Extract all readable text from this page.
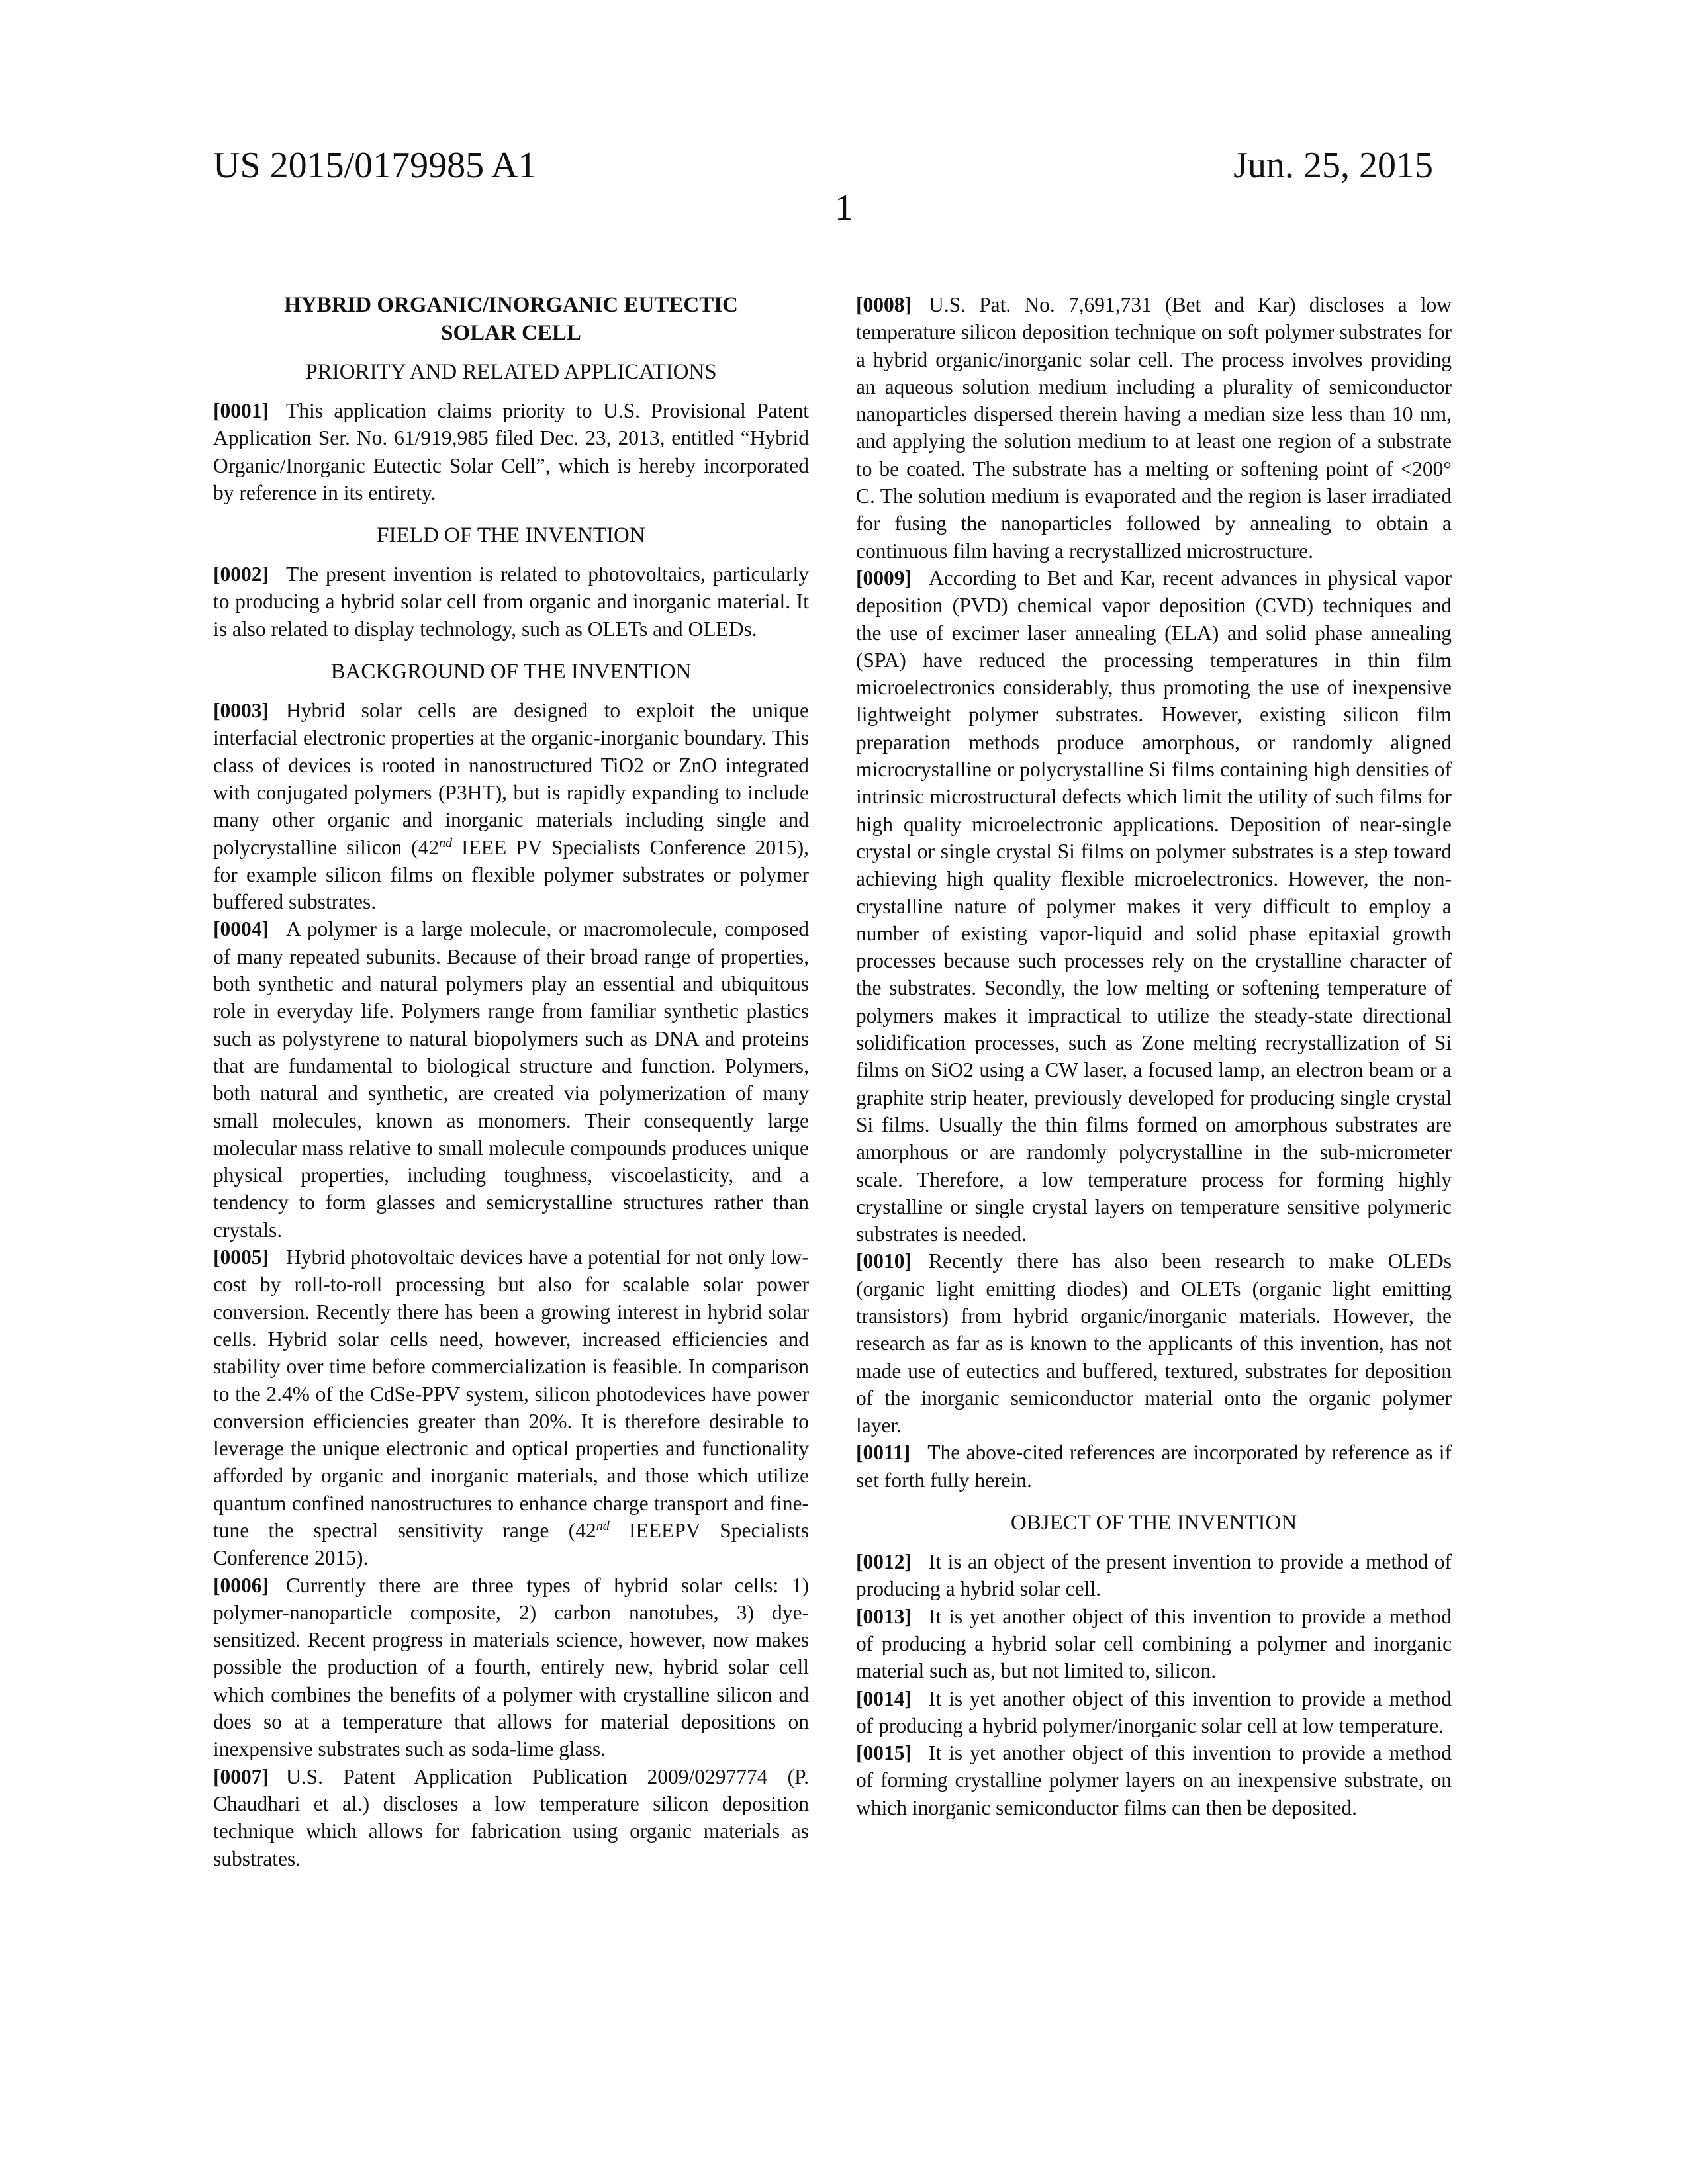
US 2015/0179985 A1	Jun. 25, 2015
1

HYBRID ORGANIC/INORGANIC EUTECTIC
SOLAR CELL

PRIORITY AND RELATED APPLICATIONS

[0001] This application claims priority to U.S. Provisional Patent Application Ser. No. 61/919,985 filed Dec. 23, 2013, entitled “Hybrid Organic/Inorganic Eutectic Solar Cell”, which is hereby incorporated by reference in its entirety.

FIELD OF THE INVENTION

[0002] The present invention is related to photovoltaics, particularly to producing a hybrid solar cell from organic and inorganic material. It is also related to display technology, such as OLETs and OLEDs.

BACKGROUND OF THE INVENTION

[0003] Hybrid solar cells are designed to exploit the unique interfacial electronic properties at the organic-inorganic boundary. This class of devices is rooted in nanostructured TiO2 or ZnO integrated with conjugated polymers (P3HT), but is rapidly expanding to include many other organic and inorganic materials including single and polycrystalline silicon (42nd IEEE PV Specialists Conference 2015), for example silicon films on flexible polymer substrates or polymer buffered substrates.

[0004] A polymer is a large molecule, or macromolecule, composed of many repeated subunits. Because of their broad range of properties, both synthetic and natural polymers play an essential and ubiquitous role in everyday life. Polymers range from familiar synthetic plastics such as polystyrene to natural biopolymers such as DNA and proteins that are fundamental to biological structure and function. Polymers, both natural and synthetic, are created via polymerization of many small molecules, known as monomers. Their consequently large molecular mass relative to small molecule compounds produces unique physical properties, including toughness, viscoelasticity, and a tendency to form glasses and semicrystalline structures rather than crystals.

[0005] Hybrid photovoltaic devices have a potential for not only low-cost by roll-to-roll processing but also for scalable solar power conversion. Recently there has been a growing interest in hybrid solar cells. Hybrid solar cells need, however, increased efficiencies and stability over time before commercialization is feasible. In comparison to the 2.4% of the CdSe-PPV system, silicon photodevices have power conversion efficiencies greater than 20%. It is therefore desirable to leverage the unique electronic and optical properties and functionality afforded by organic and inorganic materials, and those which utilize quantum confined nanostructures to enhance charge transport and fine-tune the spectral sensitivity range (42nd IEEEPV Specialists Conference 2015).

[0006] Currently there are three types of hybrid solar cells: 1) polymer-nanoparticle composite, 2) carbon nanotubes, 3) dye-sensitized. Recent progress in materials science, however, now makes possible the production of a fourth, entirely new, hybrid solar cell which combines the benefits of a polymer with crystalline silicon and does so at a temperature that allows for material depositions on inexpensive substrates such as soda-lime glass.

[0007] U.S. Patent Application Publication 2009/0297774 (P. Chaudhari et al.) discloses a low temperature silicon deposition technique which allows for fabrication using organic materials as substrates.

[0008] U.S. Pat. No. 7,691,731 (Bet and Kar) discloses a low temperature silicon deposition technique on soft polymer substrates for a hybrid organic/inorganic solar cell. The process involves providing an aqueous solution medium including a plurality of semiconductor nanoparticles dispersed therein having a median size less than 10 nm, and applying the solution medium to at least one region of a substrate to be coated. The substrate has a melting or softening point of <200° C. The solution medium is evaporated and the region is laser irradiated for fusing the nanoparticles followed by annealing to obtain a continuous film having a recrystallized microstructure.

[0009] According to Bet and Kar, recent advances in physical vapor deposition (PVD) chemical vapor deposition (CVD) techniques and the use of excimer laser annealing (ELA) and solid phase annealing (SPA) have reduced the processing temperatures in thin film microelectronics considerably, thus promoting the use of inexpensive lightweight polymer substrates. However, existing silicon film preparation methods produce amorphous, or randomly aligned microcrystalline or polycrystalline Si films containing high densities of intrinsic microstructural defects which limit the utility of such films for high quality microelectronic applications. Deposition of near-single crystal or single crystal Si films on polymer substrates is a step toward achieving high quality flexible microelectronics. However, the non-crystalline nature of polymer makes it very difficult to employ a number of existing vapor-liquid and solid phase epitaxial growth processes because such processes rely on the crystalline character of the substrates. Secondly, the low melting or softening temperature of polymers makes it impractical to utilize the steady-state directional solidification processes, such as Zone melting recrystallization of Si films on SiO2 using a CW laser, a focused lamp, an electron beam or a graphite strip heater, previously developed for producing single crystal Si films. Usually the thin films formed on amorphous substrates are amorphous or are randomly polycrystalline in the sub-micrometer scale. Therefore, a low temperature process for forming highly crystalline or single crystal layers on temperature sensitive polymeric substrates is needed.

[0010] Recently there has also been research to make OLEDs (organic light emitting diodes) and OLETs (organic light emitting transistors) from hybrid organic/inorganic materials. However, the research as far as is known to the applicants of this invention, has not made use of eutectics and buffered, textured, substrates for deposition of the inorganic semiconductor material onto the organic polymer layer.

[0011] The above-cited references are incorporated by reference as if set forth fully herein.

OBJECT OF THE INVENTION

[0012] It is an object of the present invention to provide a method of producing a hybrid solar cell.

[0013] It is yet another object of this invention to provide a method of producing a hybrid solar cell combining a polymer and inorganic material such as, but not limited to, silicon.

[0014] It is yet another object of this invention to provide a method of producing a hybrid polymer/inorganic solar cell at low temperature.

[0015] It is yet another object of this invention to provide a method of forming crystalline polymer layers on an inexpensive substrate, on which inorganic semiconductor films can then be deposited.
